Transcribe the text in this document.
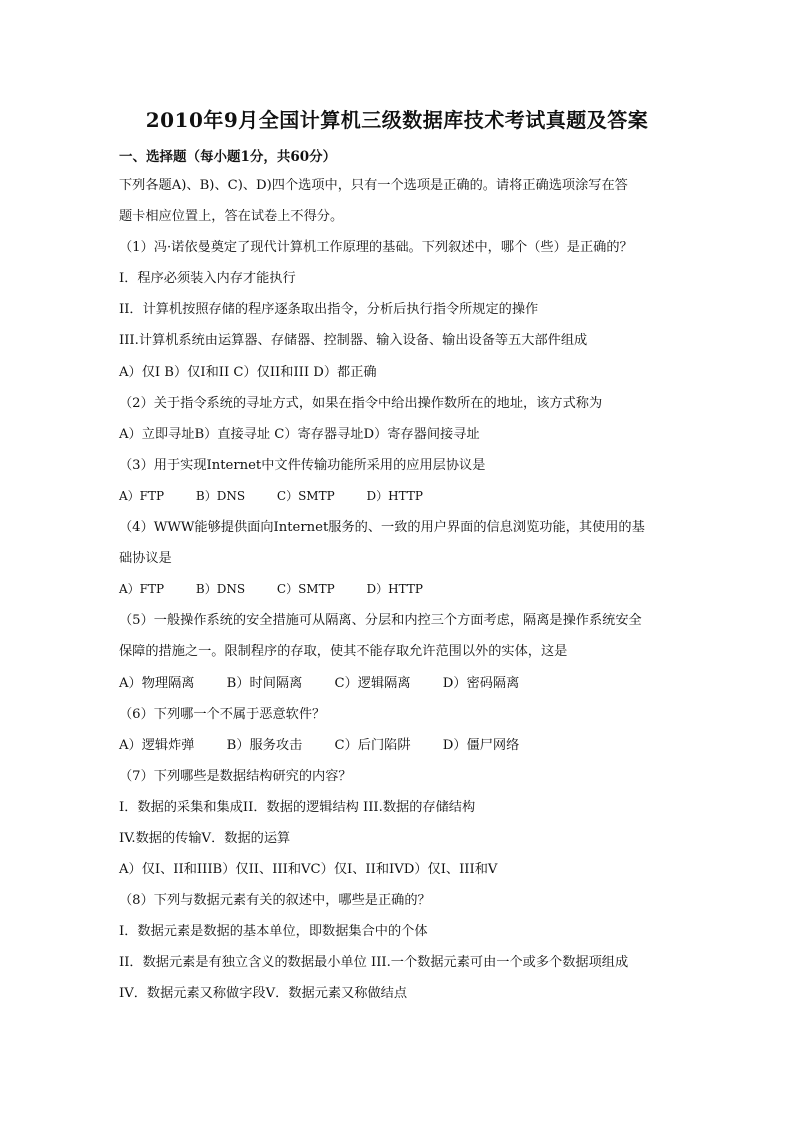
2010年9月全国计算机三级数据库技术考试真题及答案
一、选择题（每小题1分，共60分）
下列各题A)、B)、C)、D)四个选项中，只有一个选项是正确的。请将正确选项涂写在答
题卡相应位置上，答在试卷上不得分。
（1）冯·诺依曼奠定了现代计算机工作原理的基础。下列叙述中，哪个（些）是正确的？
I．程序必须装入内存才能执行
II．计算机按照存储的程序逐条取出指令，分析后执行指令所规定的操作
III.计算机系统由运算器、存储器、控制器、输入设备、输出设备等五大部件组成
A）仅I B）仅I和II C）仅II和III D）都正确
（2）关于指令系统的寻址方式，如果在指令中给出操作数所在的地址，该方式称为
A）立即寻址B）直接寻址 C）寄存器寻址D）寄存器间接寻址
（3）用于实现Internet中文件传输功能所采用的应用层协议是
A）FTP	B）DNS	C）SMTP	D）HTTP
（4）WWW能够提供面向Internet服务的、一致的用户界面的信息浏览功能，其使用的基
础协议是
A）FTP	B）DNS	C）SMTP	D）HTTP
（5）一般操作系统的安全措施可从隔离、分层和内控三个方面考虑，隔离是操作系统安全
保障的措施之一。限制程序的存取，使其不能存取允许范围以外的实体，这是
A）物理隔离 B）时间隔离 C）逻辑隔离 D）密码隔离
（6）下列哪一个不属于恶意软件？
A）逻辑炸弹 B）服务攻击 C）后门陷阱 D）僵尸网络
（7）下列哪些是数据结构研究的内容？
I．数据的采集和集成II．数据的逻辑结构 III.数据的存储结构
IV.数据的传输V．数据的运算
A）仅I、II和IIIB）仅II、III和VC）仅I、II和IVD）仅I、III和V
（8）下列与数据元素有关的叙述中，哪些是正确的？
I．数据元素是数据的基本单位，即数据集合中的个体
II．数据元素是有独立含义的数据最小单位 III.一个数据元素可由一个或多个数据项组成
IV．数据元素又称做字段V．数据元素又称做结点
